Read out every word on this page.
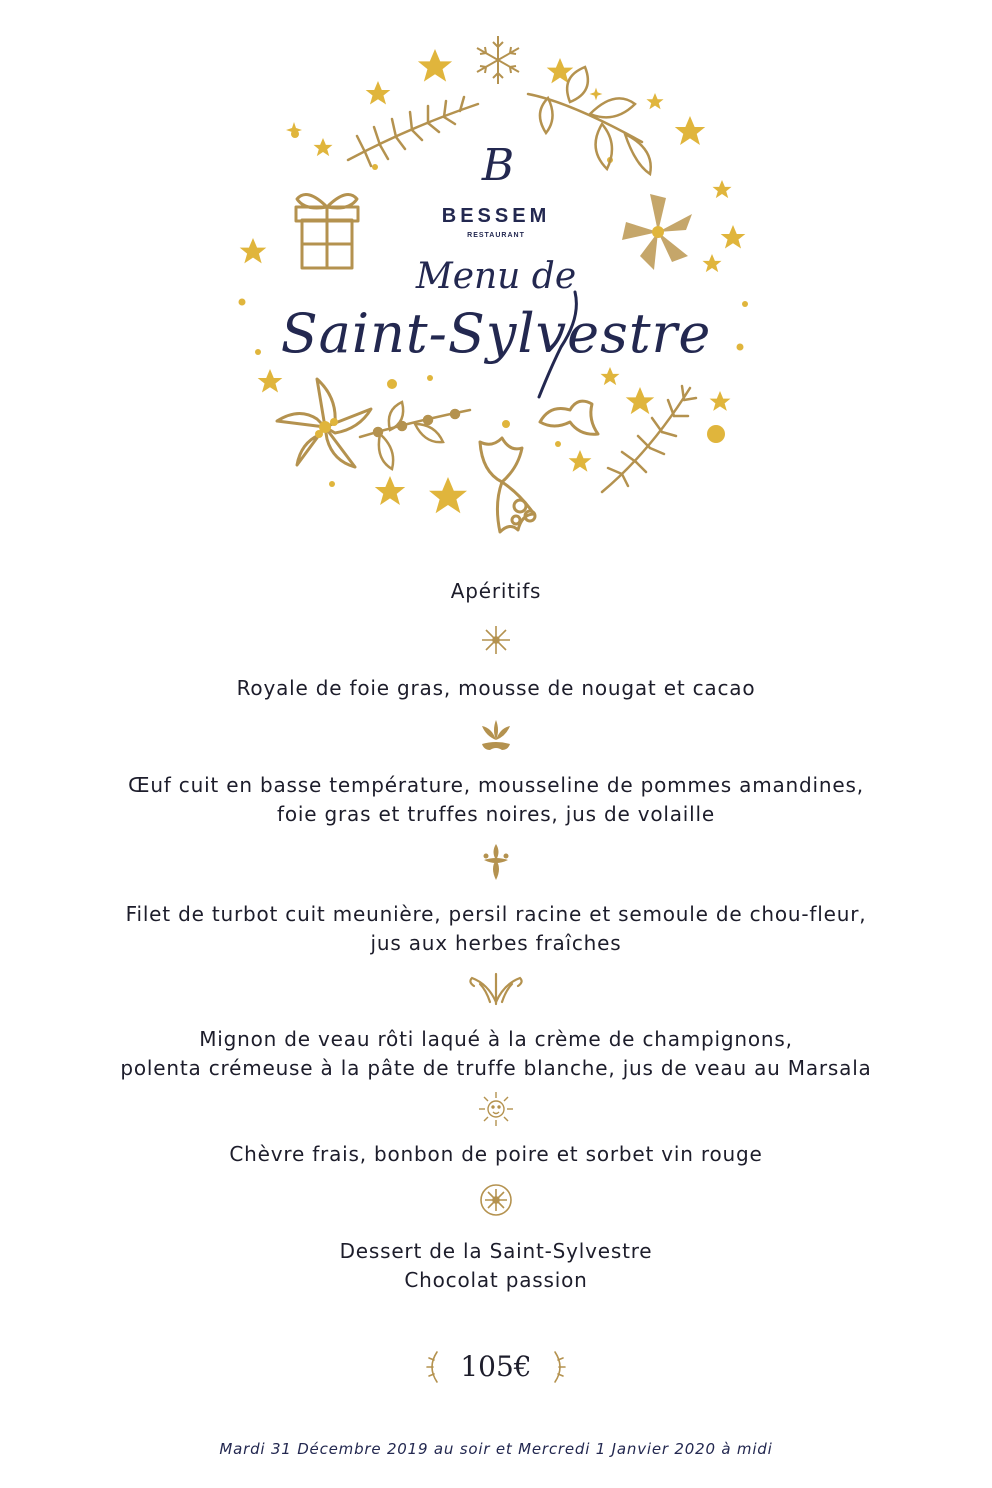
B
BESSEM
RESTAURANT
Menu de
Saint-Sylvestre
Apéritifs
Royale de foie gras, mousse de nougat et cacao
Œuf cuit en basse température, mousseline de pommes amandines,
foie gras et truffes noires, jus de volaille
Filet de turbot cuit meunière, persil racine et semoule de chou-fleur,
jus aux herbes fraîches
Mignon de veau rôti laqué à la crème de champignons,
polenta crémeuse à la pâte de truffe blanche, jus de veau au Marsala
Chèvre frais, bonbon de poire et sorbet vin rouge
Dessert de la Saint-Sylvestre
Chocolat passion
105€
Mardi 31 Décembre 2019 au soir et Mercredi 1 Janvier 2020 à midi
